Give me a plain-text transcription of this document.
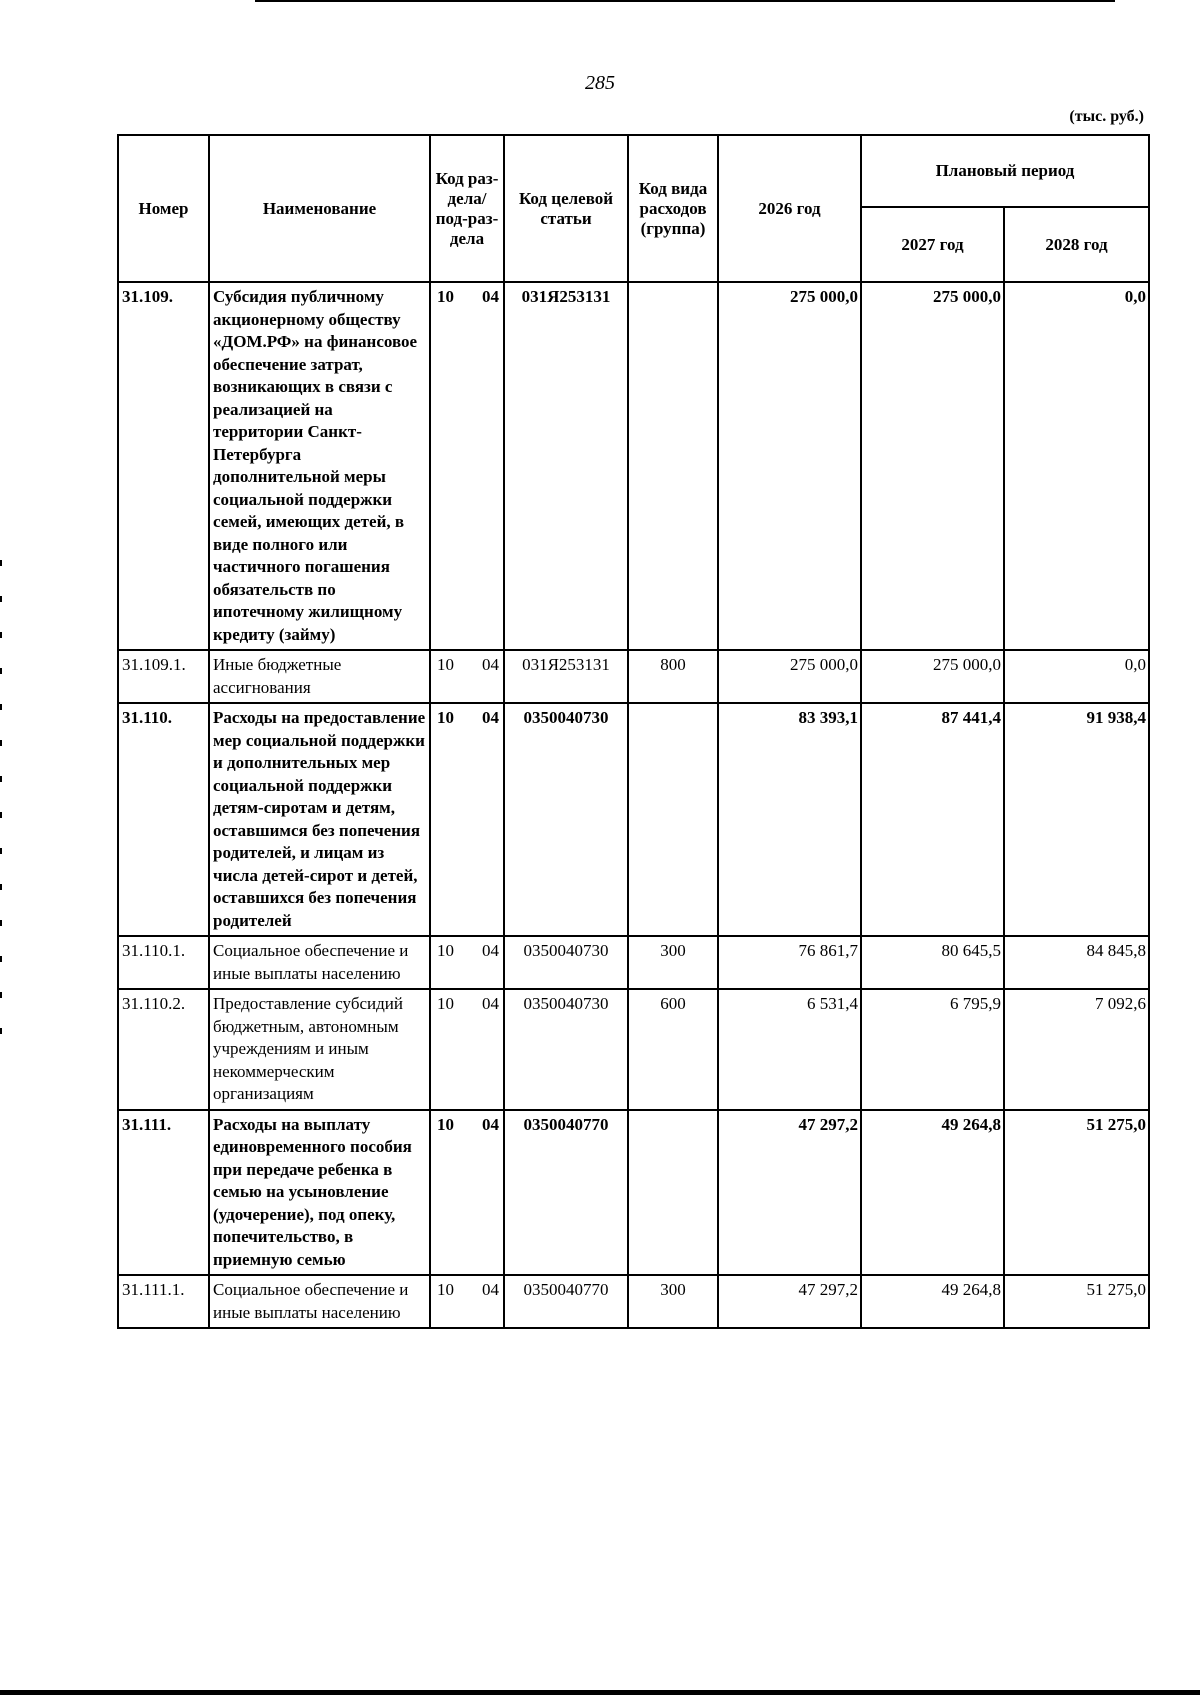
285
(тыс. руб.)
Номер	Наименование	Код раз-дела/ под-раз-дела	Код целевой статьи	Код вида расходов (группа)	2026 год	Плановый период	
						2027 год	2028 год
31.109.	Субсидия публичному акционерному обществу «ДОМ.РФ» на финансовое обеспечение затрат, возникающих в связи с реализацией на территории Санкт-Петербурга дополнительной меры социальной поддержки семей, имеющих детей, в виде полного или частичного погашения обязательств по ипотечному жилищному кредиту (займу)	10 04	031Я253131		275 000,0	275 000,0	0,0
31.109.1.	Иные бюджетные ассигнования	10 04	031Я253131	800	275 000,0	275 000,0	0,0
31.110.	Расходы на предоставление мер социальной поддержки и дополнительных мер социальной поддержки детям-сиротам и детям, оставшимся без попечения родителей, и лицам из числа детей-сирот и детей, оставшихся без попечения родителей	10 04	0350040730		83 393,1	87 441,4	91 938,4
31.110.1.	Социальное обеспечение и иные выплаты населению	10 04	0350040730	300	76 861,7	80 645,5	84 845,8
31.110.2.	Предоставление субсидий бюджетным, автономным учреждениям и иным некоммерческим организациям	10 04	0350040730	600	6 531,4	6 795,9	7 092,6
31.111.	Расходы на выплату единовременного пособия при передаче ребенка в семью на усыновление (удочерение), под опеку, попечительство, в приемную семью	10 04	0350040770		47 297,2	49 264,8	51 275,0
31.111.1.	Социальное обеспечение и иные выплаты населению	10 04	0350040770	300	47 297,2	49 264,8	51 275,0
